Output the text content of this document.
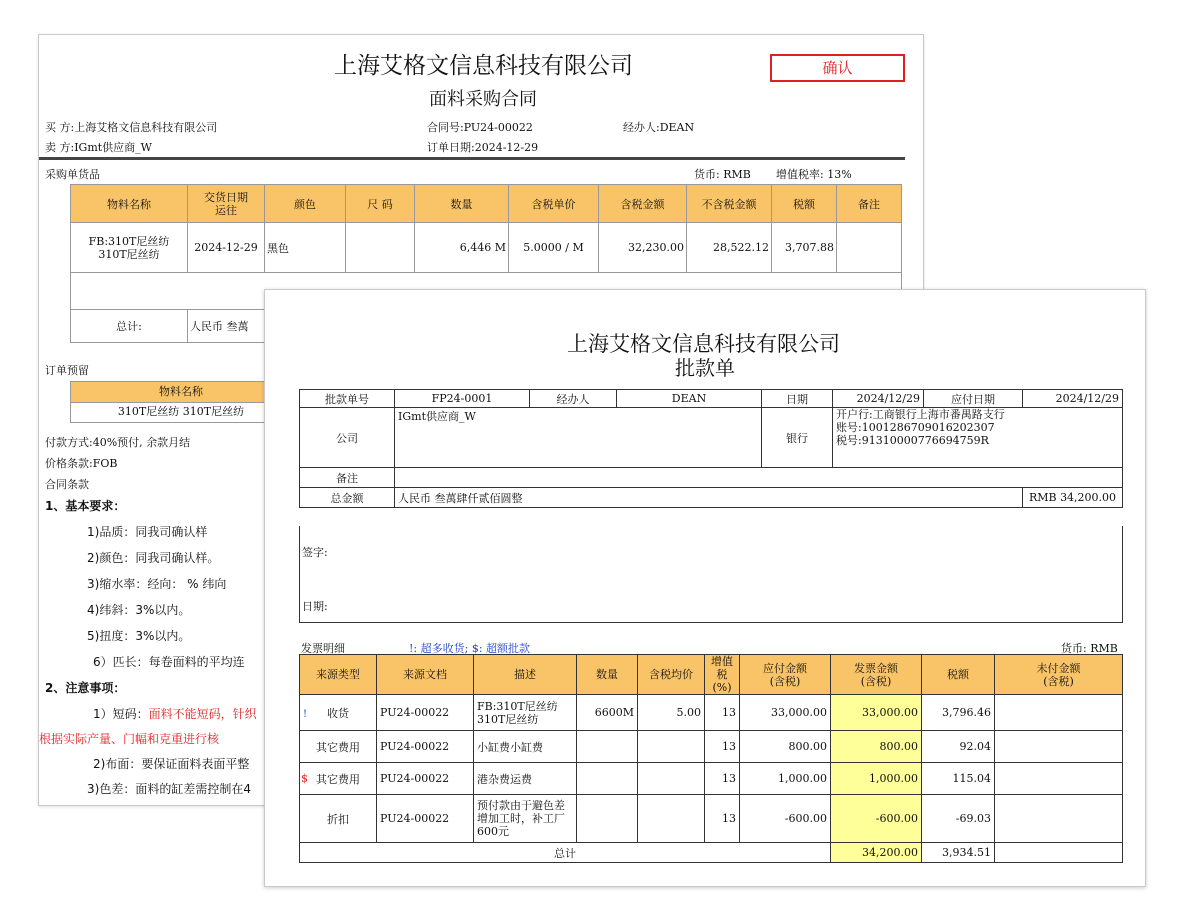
上海艾格文信息科技有限公司
面料采购合同
确认
买 方:上海艾格文信息科技有限公司
卖 方:IGmt供应商_W
合同号:PU24-00022	经办人:DEAN
订单日期:2024-12-29
采购单货品	货币: RMB 增值税率: 13%
物料名称	交货日期
运往	颜色	尺 码	数量	含税单价	含税金额	不含税金额	税额	备注
FB:310T尼丝纺
310T尼丝纺	2024-12-29	黑色		6,446 M	5.0000 / M	32,230.00	28,522.12	3,707.88	

总计:	人民币 叁萬								
订单预留
物料名称
310T尼丝纺 310T尼丝纺
付款方式:40%预付, 余款月结
价格条款:FOB
合同条款
1、基本要求：
1)品质：同我司确认样
2)颜色：同我司确认样。
3)缩水率：经向： % 纬向
4)纬斜：3%以内。
5)扭度：3%以内。
6）匹长：每卷面料的平均连
2、注意事项：
1）短码：面料不能短码，针织
根据实际产量、门幅和克重进行核
2)布面：要保证面料表面平整
3)色差：面料的缸差需控制在4
上海艾格文信息科技有限公司
批款单
批款单号	FP24-0001	经办人	DEAN	日期	2024/12/29	应付日期	2024/12/29
公司	IGmt供应商_W			银行	开户行:工商银行上海市番禺路支行
账号:1001286709016202307
税号:91310000776694759R		

备注							
总金额	人民币 叁萬肆仟贰佰圆整						RMB 34,200.00
签字:
日期:
发票明细	!: 超多收货; $: 超额批款	货币: RMB
来源类型	来源文档	描述	数量	含税均价	增值
税(%)	应付金额
(含税)	发票金额
(含税)	税额	未付金额
(含税)

! 收货	PU24-00022	FB:310T尼丝纺
310T尼丝纺	6600M	5.00	13	33,000.00	33,000.00	3,796.46	
其它费用	PU24-00022	小缸费小缸费			13	800.00	800.00	92.04	

$ 其它费用	PU24-00022	港杂费运费			13	1,000.00	1,000.00	115.04	
折扣	PU24-00022	预付款由于避色差
增加工时，补工厂
600元			13	-600.00	-600.00	-69.03	
总计							34,200.00	3,934.51	
